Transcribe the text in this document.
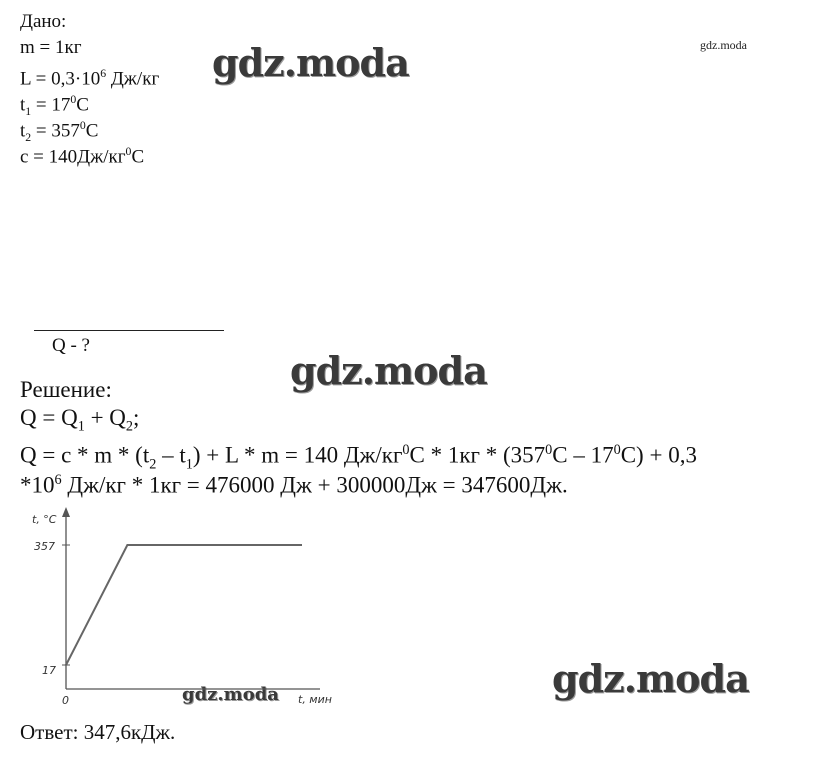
Дано:
m = 1кг
$L = 0,3\cdot 10^6$ Дж/кг
$t_1 = 17^0C$
$t_2 = 357^0C$
$c = 140Дж/кг^0C$
gdz.moda	gdz.moda
gdz.moda
gdz.moda
gdz.moda
Q - ?
Решение:
$Q = Q_1 + Q_2$;
$Q = c * m * (t_2 - t_1) + L * m = 140$ $Дж/кг^0C * 1кг * (357^0C - 17^0C) + 0,3$
$*10^6$ Дж/кг * 1кг = 476000 Дж + 300000Дж = 347600Дж.
t, °C
t, мин
357
17
0
Ответ: 347,6кДж.
